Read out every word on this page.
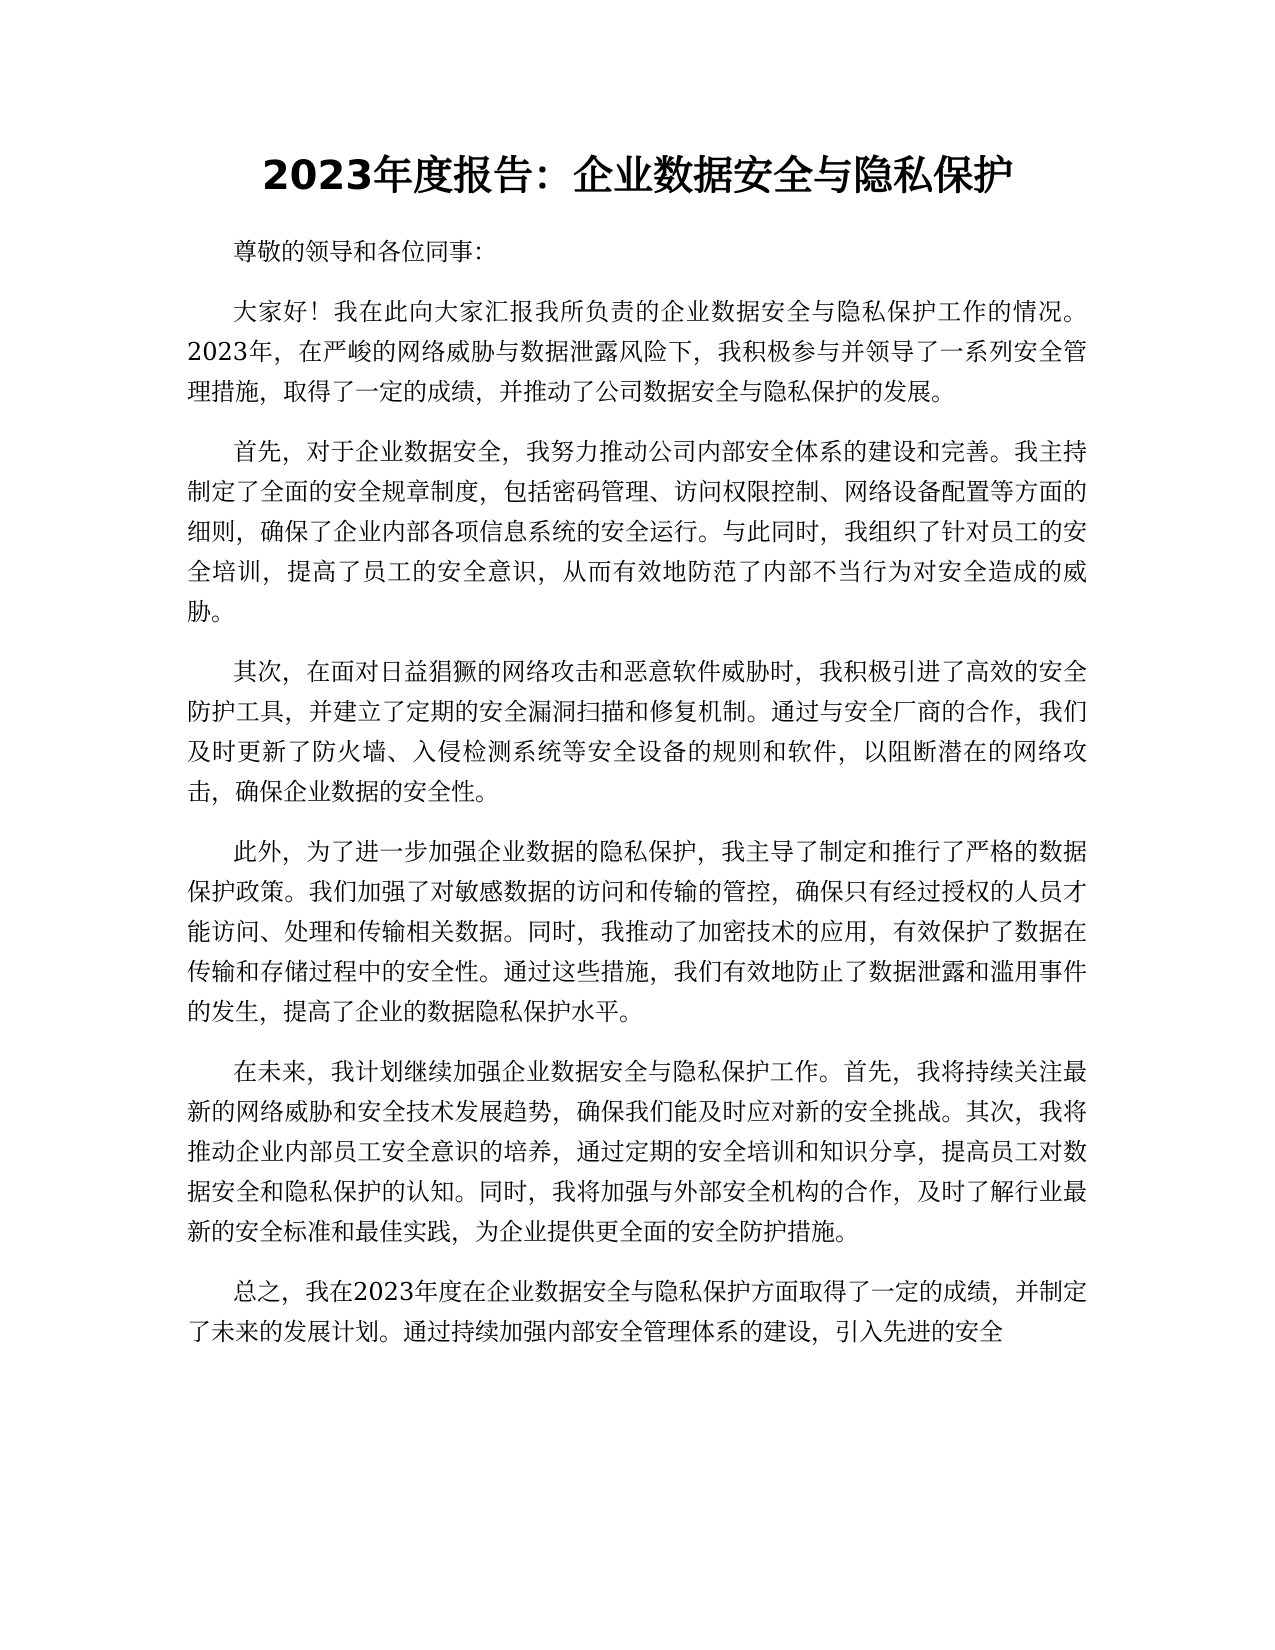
2023年度报告：企业数据安全与隐私保护

尊敬的领导和各位同事：

大家好！我在此向大家汇报我所负责的企业数据安全与隐私保护工作的情况。2023年，在严峻的网络威胁与数据泄露风险下，我积极参与并领导了一系列安全管理措施，取得了一定的成绩，并推动了公司数据安全与隐私保护的发展。

首先，对于企业数据安全，我努力推动公司内部安全体系的建设和完善。我主持制定了全面的安全规章制度，包括密码管理、访问权限控制、网络设备配置等方面的细则，确保了企业内部各项信息系统的安全运行。与此同时，我组织了针对员工的安全培训，提高了员工的安全意识，从而有效地防范了内部不当行为对安全造成的威胁。

其次，在面对日益猖獗的网络攻击和恶意软件威胁时，我积极引进了高效的安全防护工具，并建立了定期的安全漏洞扫描和修复机制。通过与安全厂商的合作，我们及时更新了防火墙、入侵检测系统等安全设备的规则和软件，以阻断潜在的网络攻击，确保企业数据的安全性。

此外，为了进一步加强企业数据的隐私保护，我主导了制定和推行了严格的数据保护政策。我们加强了对敏感数据的访问和传输的管控，确保只有经过授权的人员才能访问、处理和传输相关数据。同时，我推动了加密技术的应用，有效保护了数据在传输和存储过程中的安全性。通过这些措施，我们有效地防止了数据泄露和滥用事件的发生，提高了企业的数据隐私保护水平。

在未来，我计划继续加强企业数据安全与隐私保护工作。首先，我将持续关注最新的网络威胁和安全技术发展趋势，确保我们能及时应对新的安全挑战。其次，我将推动企业内部员工安全意识的培养，通过定期的安全培训和知识分享，提高员工对数据安全和隐私保护的认知。同时，我将加强与外部安全机构的合作，及时了解行业最新的安全标准和最佳实践，为企业提供更全面的安全防护措施。

总之，我在2023年度在企业数据安全与隐私保护方面取得了一定的成绩，并制定了未来的发展计划。通过持续加强内部安全管理体系的建设，引入先进的安全
